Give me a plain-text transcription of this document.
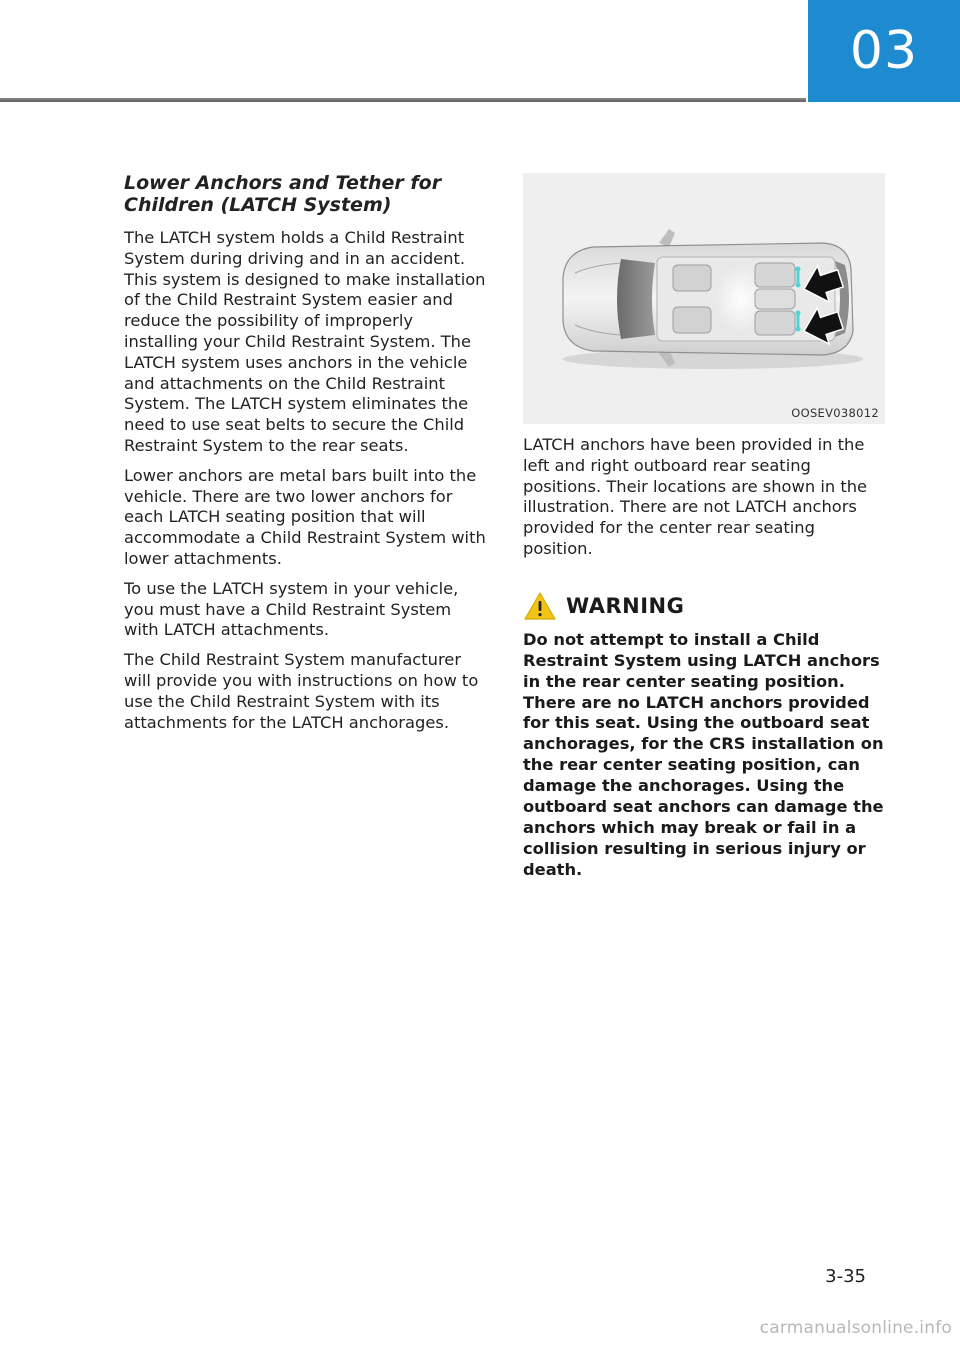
03
Lower Anchors and Tether for Children (LATCH System)

The LATCH system holds a Child Restraint System during driving and in an accident. This system is designed to make installation of the Child Restraint System easier and reduce the possibility of improperly installing your Child Restraint System. The LATCH system uses anchors in the vehicle and attachments on the Child Restraint System. The LATCH system eliminates the need to use seat belts to secure the Child Restraint System to the rear seats.

Lower anchors are metal bars built into the vehicle. There are two lower anchors for each LATCH seating position that will accommodate a Child Restraint System with lower attachments.

To use the LATCH system in your vehicle, you must have a Child Restraint System with LATCH attachments.

The Child Restraint System manufacturer will provide you with instructions on how to use the Child Restraint System with its attachments for the LATCH anchorages.

OOSEV038012

LATCH anchors have been provided in the left and right outboard rear seating positions. Their locations are shown in the illustration. There are not LATCH anchors provided for the center rear seating position.

WARNING

Do not attempt to install a Child Restraint System using LATCH anchors in the rear center seating position. There are no LATCH anchors provided for this seat. Using the outboard seat anchorages, for the CRS installation on the rear center seating position, can damage the anchorages. Using the outboard seat anchors can damage the anchors which may break or fail in a collision resulting in serious injury or death.

3-35
carmanualsonline.info
